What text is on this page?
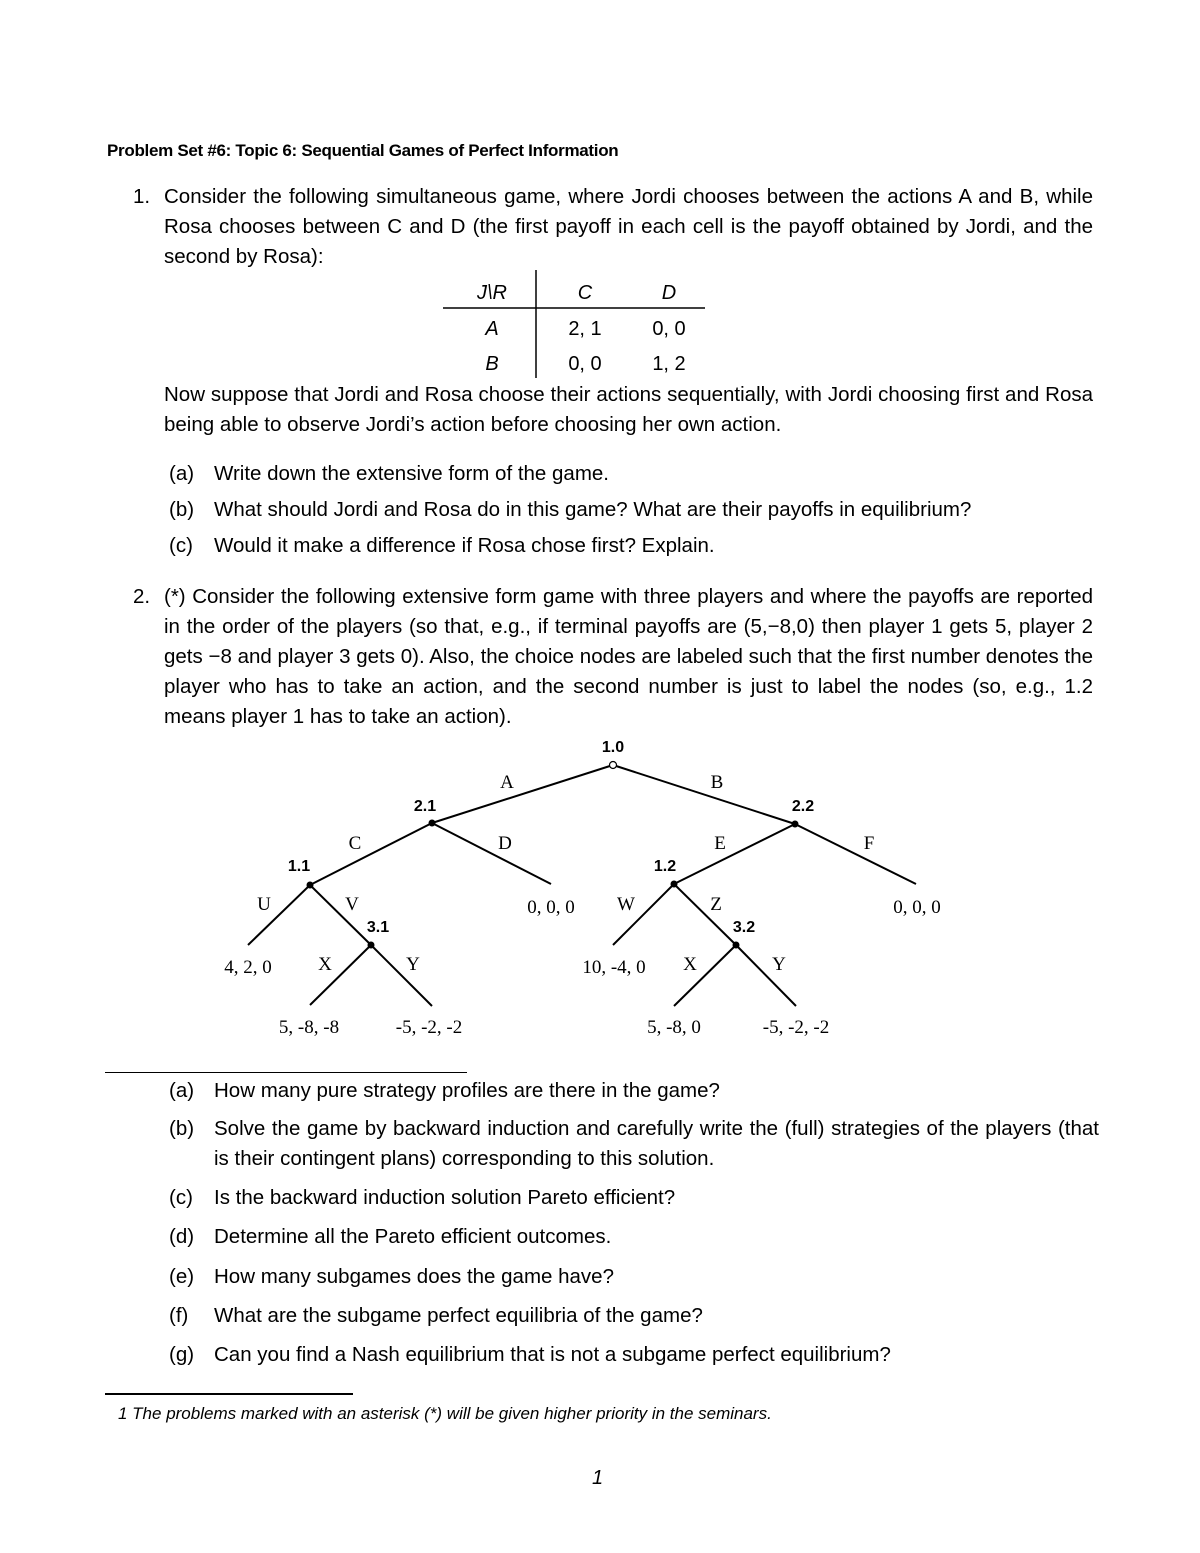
Problem Set #6: Topic 6: Sequential Games of Perfect Information
1. Consider the following simultaneous game, where Jordi chooses between the actions A and B, while Rosa chooses between C and D (the first payoff in each cell is the payoff obtained by Jordi, and the second by Rosa):
J\R	C	D
A	2, 1	0, 0
B	0, 0	1, 2
Now suppose that Jordi and Rosa choose their actions sequentially, with Jordi choosing first and Rosa being able to observe Jordi’s action before choosing her own action.
(a) Write down the extensive form of the game.
(b) What should Jordi and Rosa do in this game? What are their payoffs in equilibrium?
(c)	Would it make a difference if Rosa chose first? Explain.
2. (*) Consider the following extensive form game with three players and where the payoffs are reported in the order of the players (so that, e.g., if terminal payoffs are (5,−8,0) then player 1 gets 5, player 2 gets −8 and player 3 gets 0). Also, the choice nodes are labeled such that the first number denotes the player who has to take an action, and the second number is just to label the nodes (so, e.g., 1.2 means player 1 has to take an action).
1.0
2.1	2.2
1.1	1.2
3.1	3.2
A	B
C	D	E	F
U	V	W	Z
X	Y	X	Y
4, 2, 0
5, -8, -8	-5, -2, -2
0, 0, 0
10, -4, 0
5, -8, 0	-5, -2, -2
0, 0, 0
(a) How many pure strategy profiles are there in the game?
(b) Solve the game by backward induction and carefully write the (full) strategies of the players (that is their contingent plans) corresponding to this solution.
(c)	Is the backward induction solution Pareto efficient?
(d) Determine all the Pareto efficient outcomes.
(e) How many subgames does the game have?
(f)	What are the subgame perfect equilibria of the game?
(g) Can you find a Nash equilibrium that is not a subgame perfect equilibrium?
1 The problems marked with an asterisk (*) will be given higher priority in the seminars.
1
